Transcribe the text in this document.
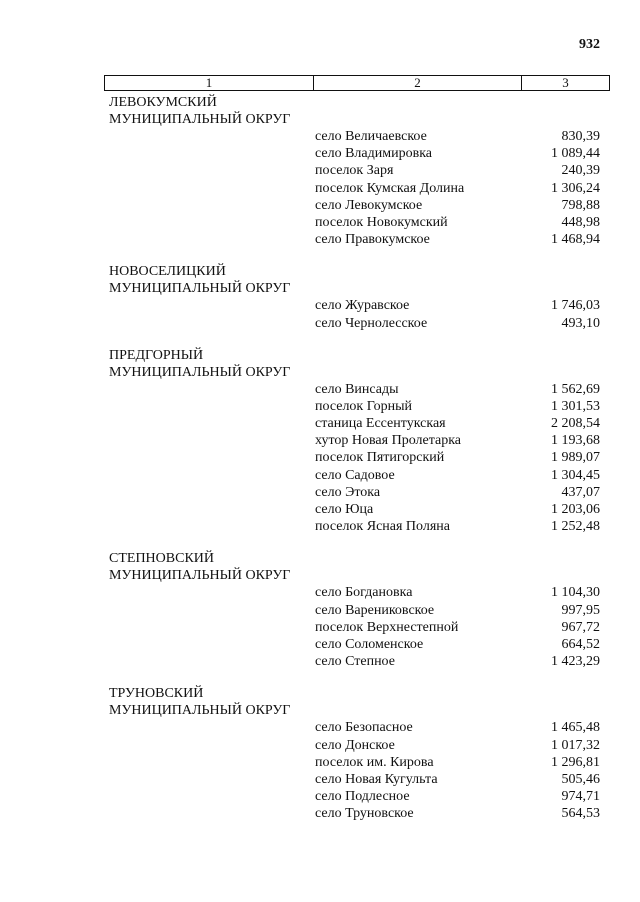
932
1	2	3
ЛЕВОКУМСКИЙ
МУНИЦИПАЛЬНЫЙ ОКРУГ
село Величаевское	830,39
село Владимировка	1 089,44
поселок Заря	240,39
поселок Кумская Долина	1 306,24
село Левокумское	798,88
поселок Новокумский	448,98
село Правокумское	1 468,94
НОВОСЕЛИЦКИЙ
МУНИЦИПАЛЬНЫЙ ОКРУГ
село Журавское	1 746,03
село Чернолесское	493,10
ПРЕДГОРНЫЙ
МУНИЦИПАЛЬНЫЙ ОКРУГ
село Винсады	1 562,69
поселок Горный	1 301,53
станица Ессентукская	2 208,54
хутор Новая Пролетарка	1 193,68
поселок Пятигорский	1 989,07
село Садовое	1 304,45
село Этока	437,07
село Юца	1 203,06
поселок Ясная Поляна	1 252,48
СТЕПНОВСКИЙ
МУНИЦИПАЛЬНЫЙ ОКРУГ
село Богдановка	1 104,30
село Варениковское	997,95
поселок Верхнестепной	967,72
село Соломенское	664,52
село Степное	1 423,29
ТРУНОВСКИЙ
МУНИЦИПАЛЬНЫЙ ОКРУГ
село Безопасное	1 465,48
село Донское	1 017,32
поселок им. Кирова	1 296,81
село Новая Кугульта	505,46
село Подлесное	974,71
село Труновское	564,53
